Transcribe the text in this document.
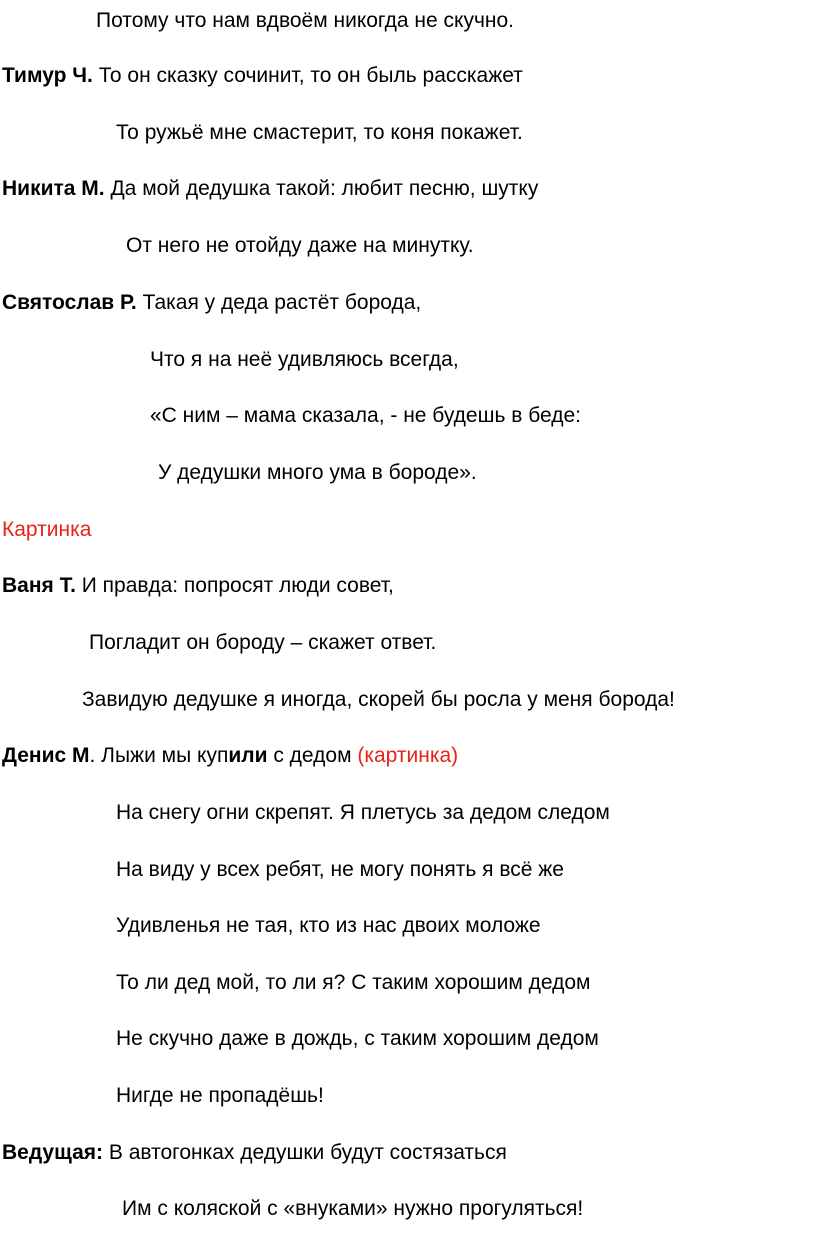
Потому что нам вдвоём никогда не скучно.
Тимур Ч. То он сказку сочинит, то он быль расскажет
То ружьё мне смастерит, то коня покажет.
Никита М. Да мой дедушка такой: любит песню, шутку
От него не отойду даже на минутку.
Святослав Р. Такая у деда растёт борода,
Что я на неё удивляюсь всегда,
«С ним – мама сказала, - не будешь в беде:
У дедушки много ума в бороде».
Картинка
Ваня Т. И правда: попросят люди совет,
Погладит он бороду – скажет ответ.
Завидую дедушке я иногда, скорей бы росла у меня борода!
Денис М. Лыжи мы купили с дедом (картинка)
На снегу огни скрепят. Я плетусь за дедом следом
На виду у всех ребят, не могу понять я всё же
Удивленья не тая, кто из нас двоих моложе
То ли дед мой, то ли я? С таким хорошим дедом
Не скучно даже в дождь, с таким хорошим дедом
Нигде не пропадёшь!
Ведущая: В автогонках дедушки будут состязаться
Им с коляской с «внуками» нужно прогуляться!
